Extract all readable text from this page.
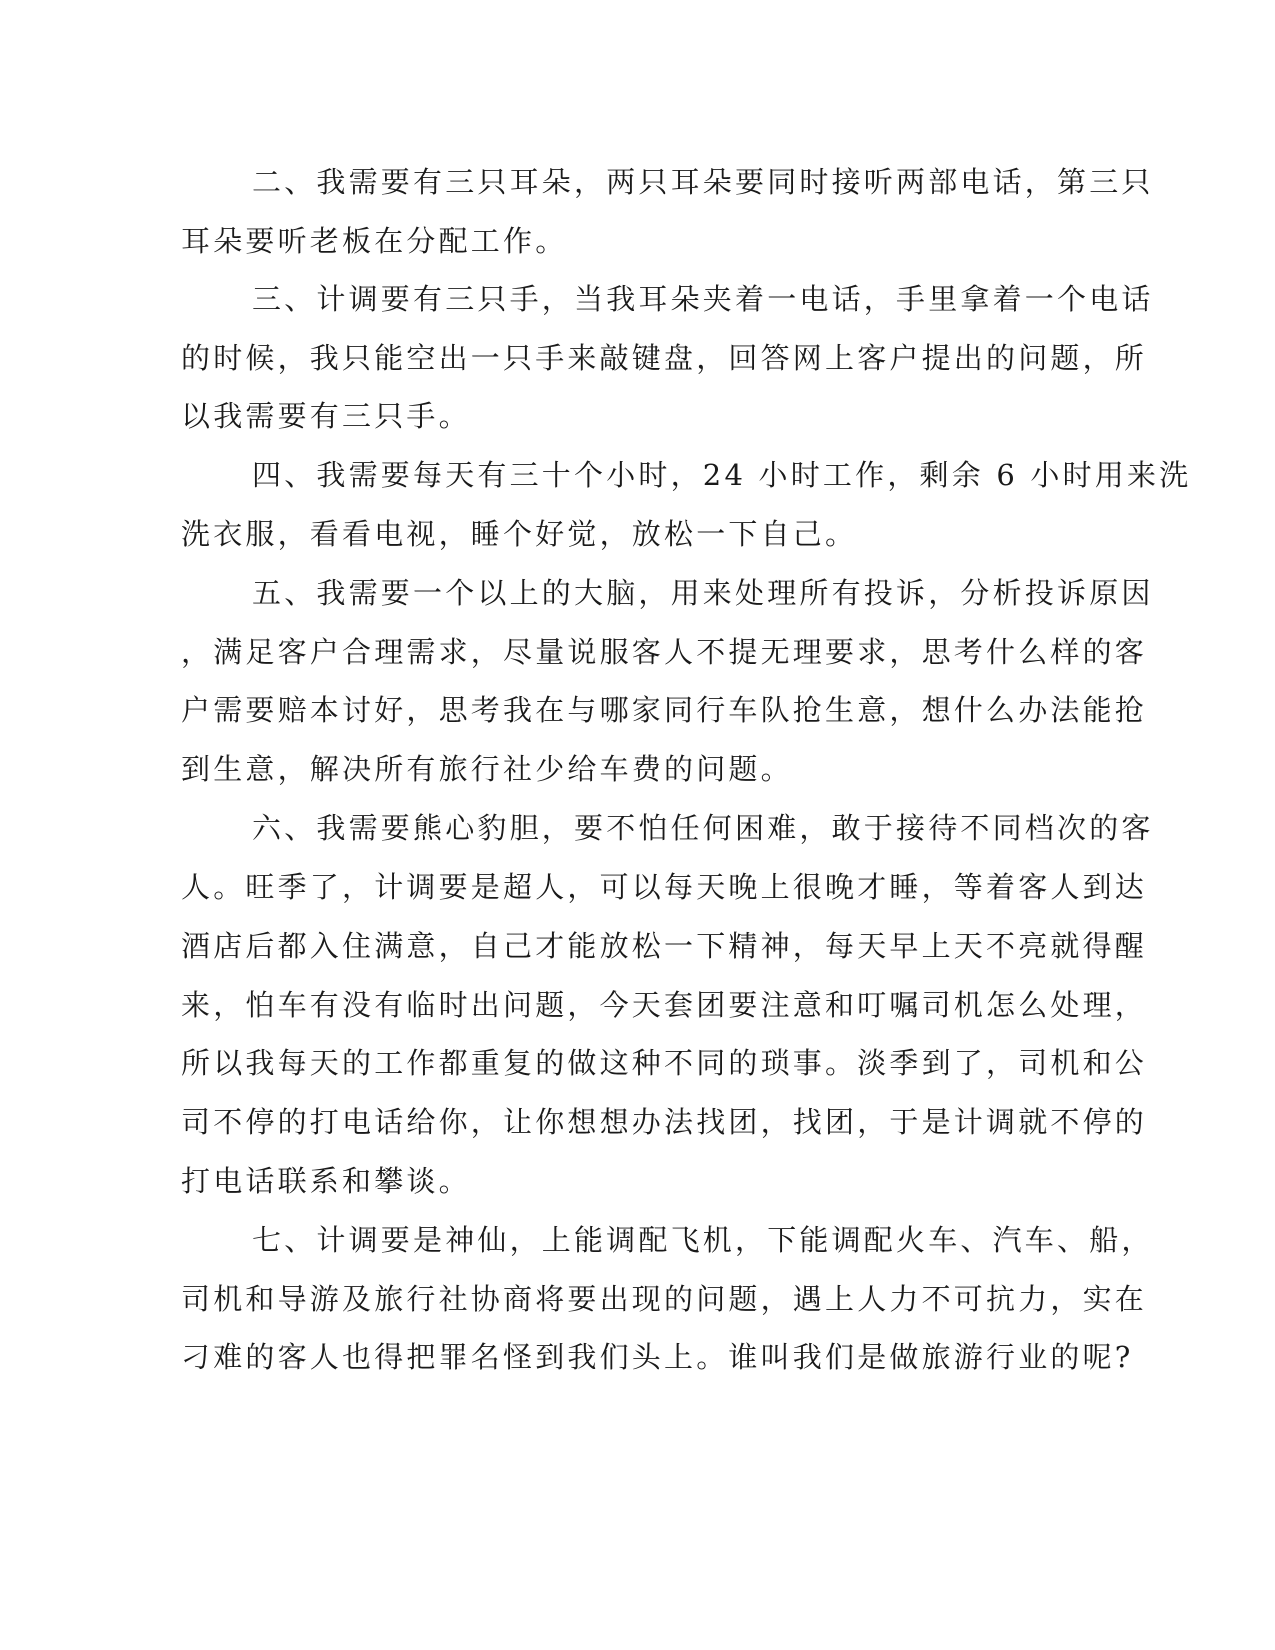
二、我需要有三只耳朵，两只耳朵要同时接听两部电话，第三只

耳朵要听老板在分配工作。

三、计调要有三只手，当我耳朵夹着一电话，手里拿着一个电话

的时候，我只能空出一只手来敲键盘，回答网上客户提出的问题，所

以我需要有三只手。

四、我需要每天有三十个小时，24 小时工作，剩余 6 小时用来洗

洗衣服，看看电视，睡个好觉，放松一下自己。

五、我需要一个以上的大脑，用来处理所有投诉，分析投诉原因

，满足客户合理需求，尽量说服客人不提无理要求，思考什么样的客

户需要赔本讨好，思考我在与哪家同行车队抢生意，想什么办法能抢

到生意，解决所有旅行社少给车费的问题。

六、我需要熊心豹胆，要不怕任何困难，敢于接待不同档次的客

人。旺季了，计调要是超人，可以每天晚上很晚才睡，等着客人到达

酒店后都入住满意，自己才能放松一下精神，每天早上天不亮就得醒

来，怕车有没有临时出问题，今天套团要注意和叮嘱司机怎么处理，

所以我每天的工作都重复的做这种不同的琐事。淡季到了，司机和公

司不停的打电话给你，让你想想办法找团，找团，于是计调就不停的

打电话联系和攀谈。

七、计调要是神仙，上能调配飞机，下能调配火车、汽车、船，

司机和导游及旅行社协商将要出现的问题，遇上人力不可抗力，实在

刁难的客人也得把罪名怪到我们头上。谁叫我们是做旅游行业的呢?
